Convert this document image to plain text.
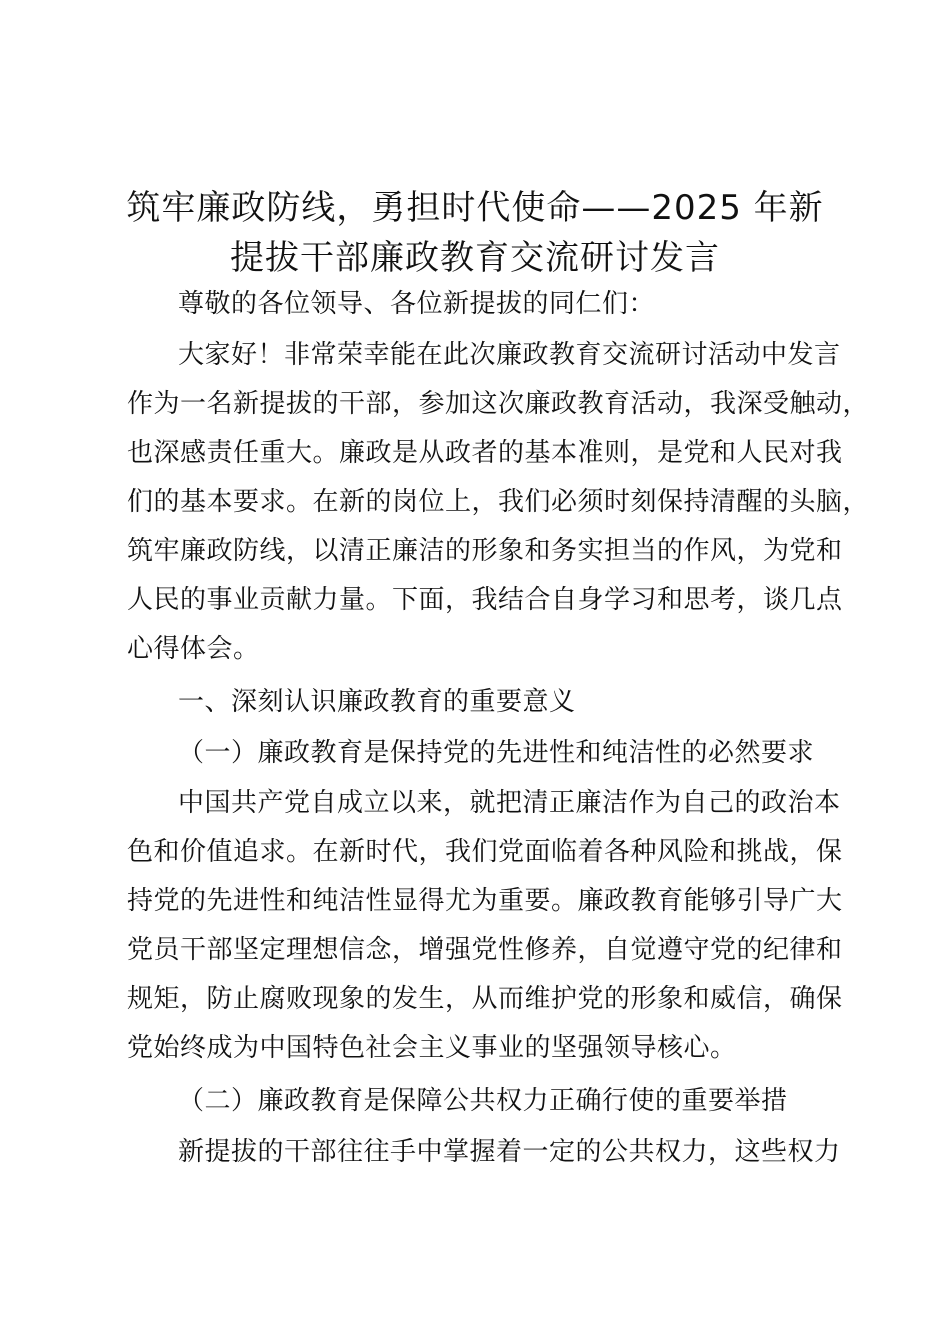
筑牢廉政防线，勇担时代使命——2025 年新
提拔干部廉政教育交流研讨发言
尊敬的各位领导、各位新提拔的同仁们：
大家好！非常荣幸能在此次廉政教育交流研讨活动中发言
作为一名新提拔的干部，参加这次廉政教育活动，我深受触动，
也深感责任重大。廉政是从政者的基本准则，是党和人民对我
们的基本要求。在新的岗位上，我们必须时刻保持清醒的头脑，
筑牢廉政防线，以清正廉洁的形象和务实担当的作风，为党和
人民的事业贡献力量。下面，我结合自身学习和思考，谈几点
心得体会。
一、深刻认识廉政教育的重要意义
（一）廉政教育是保持党的先进性和纯洁性的必然要求
中国共产党自成立以来，就把清正廉洁作为自己的政治本
色和价值追求。在新时代，我们党面临着各种风险和挑战，保
持党的先进性和纯洁性显得尤为重要。廉政教育能够引导广大
党员干部坚定理想信念，增强党性修养，自觉遵守党的纪律和
规矩，防止腐败现象的发生，从而维护党的形象和威信，确保
党始终成为中国特色社会主义事业的坚强领导核心。
（二）廉政教育是保障公共权力正确行使的重要举措
新提拔的干部往往手中掌握着一定的公共权力，这些权力
